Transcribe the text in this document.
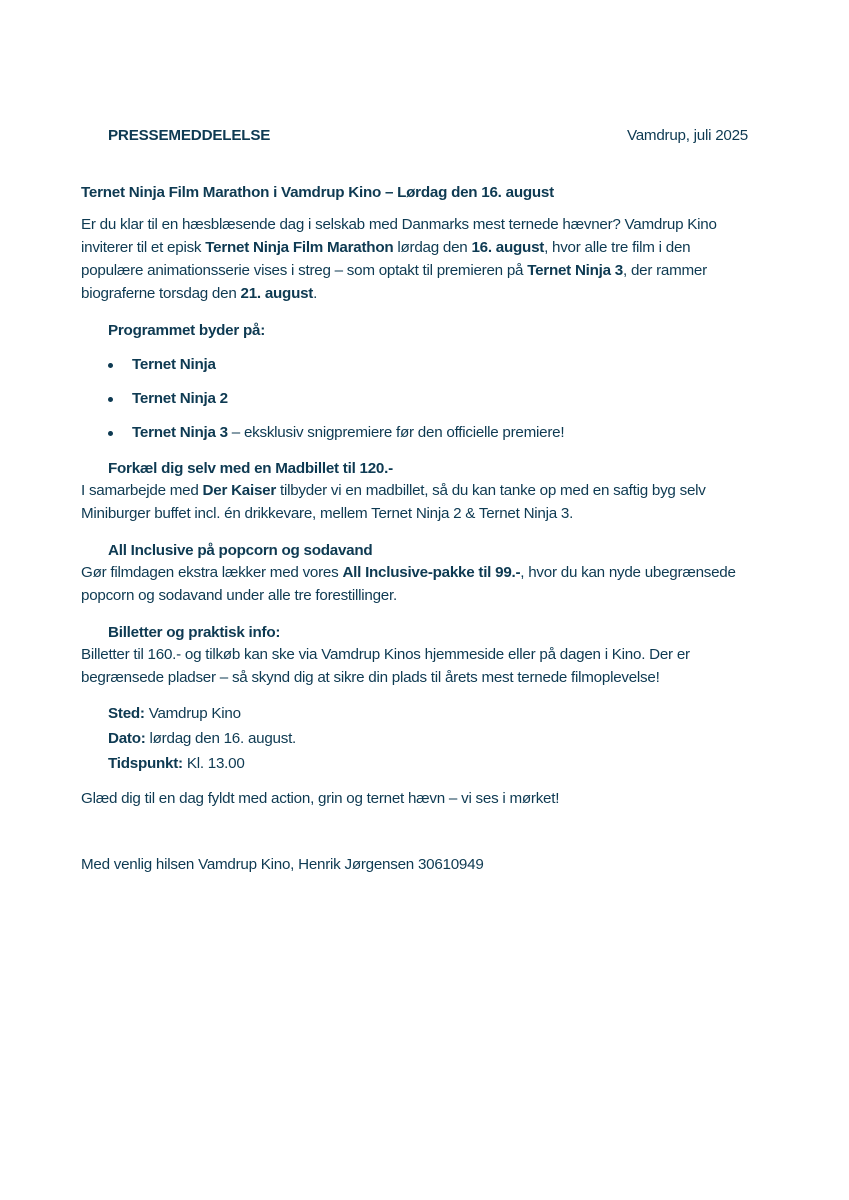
PRESSEMEDDELELSE	Vamdrup, juli 2025
Ternet Ninja Film Marathon i Vamdrup Kino – Lørdag den 16. august
Er du klar til en hæsblæsende dag i selskab med Danmarks mest ternede hævner? Vamdrup Kino
inviterer til et episk Ternet Ninja Film Marathon lørdag den 16. august, hvor alle tre film i den
populære animationsserie vises i streg – som optakt til premieren på Ternet Ninja 3, der rammer
biograferne torsdag den 21. august.
Programmet byder på:
Ternet Ninja
Ternet Ninja 2
Ternet Ninja 3 – eksklusiv snigpremiere før den officielle premiere!
Forkæl dig selv med en Madbillet til 120.-
I samarbejde med Der Kaiser tilbyder vi en madbillet, så du kan tanke op med en saftig byg selv
Miniburger buffet incl. én drikkevare, mellem Ternet Ninja 2 & Ternet Ninja 3.
All Inclusive på popcorn og sodavand
Gør filmdagen ekstra lækker med vores All Inclusive-pakke til 99.-, hvor du kan nyde ubegrænsede
popcorn og sodavand under alle tre forestillinger.
Billetter og praktisk info:
Billetter til 160.- og tilkøb kan ske via Vamdrup Kinos hjemmeside eller på dagen i Kino. Der er
begrænsede pladser – så skynd dig at sikre din plads til årets mest ternede filmoplevelse!
Sted: Vamdrup Kino
Dato: lørdag den 16. august.
Tidspunkt: Kl. 13.00
Glæd dig til en dag fyldt med action, grin og ternet hævn – vi ses i mørket!
Med venlig hilsen Vamdrup Kino, Henrik Jørgensen 30610949
